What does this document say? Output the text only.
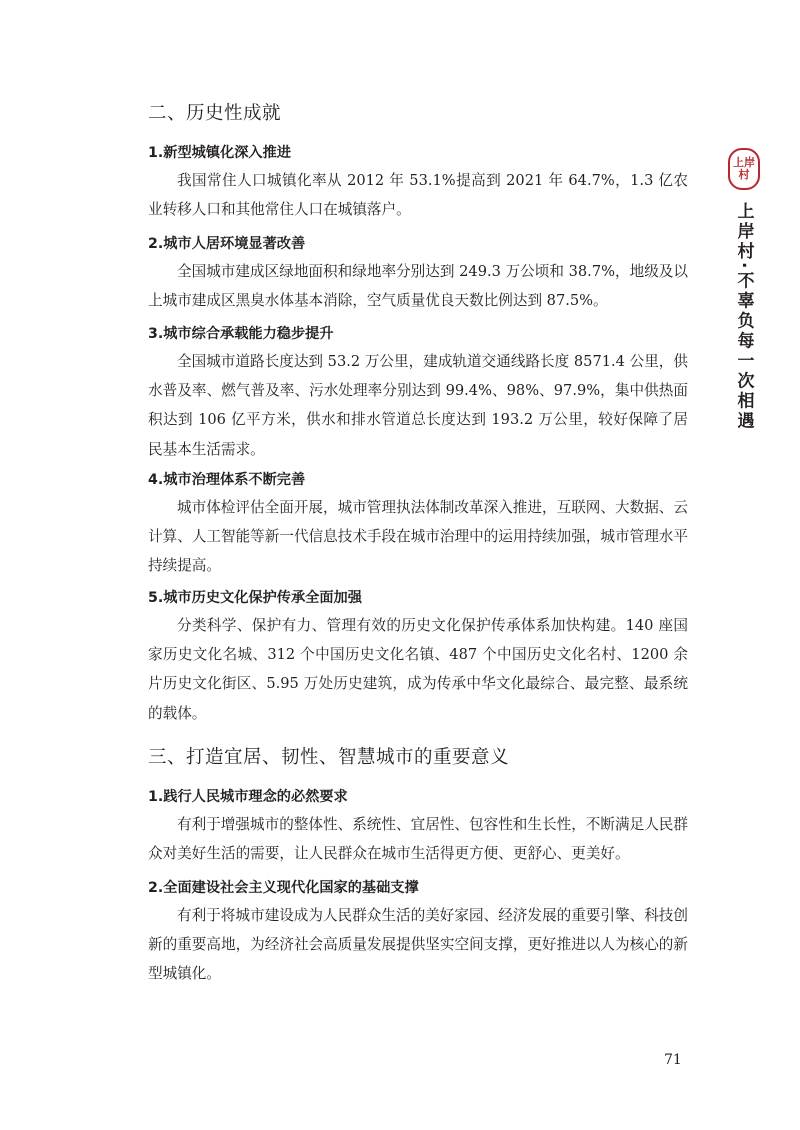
二、历史性成就
1.新型城镇化深入推进

我国常住人口城镇化率从 2012 年 53.1%提高到 2021 年 64.7%，1.3 亿农业转移人口和其他常住人口在城镇落户。

2.城市人居环境显著改善

全国城市建成区绿地面积和绿地率分别达到 249.3 万公顷和 38.7%，地级及以上城市建成区黑臭水体基本消除，空气质量优良天数比例达到 87.5%。

3.城市综合承载能力稳步提升

全国城市道路长度达到 53.2 万公里，建成轨道交通线路长度 8571.4 公里，供水普及率、燃气普及率、污水处理率分别达到 99.4%、98%、97.9%，集中供热面积达到 106 亿平方米，供水和排水管道总长度达到 193.2 万公里，较好保障了居民基本生活需求。

4.城市治理体系不断完善

城市体检评估全面开展，城市管理执法体制改革深入推进，互联网、大数据、云计算、人工智能等新一代信息技术手段在城市治理中的运用持续加强，城市管理水平持续提高。

5.城市历史文化保护传承全面加强

分类科学、保护有力、管理有效的历史文化保护传承体系加快构建。140 座国家历史文化名城、312 个中国历史文化名镇、487 个中国历史文化名村、1200 余片历史文化街区、5.95 万处历史建筑，成为传承中华文化最综合、最完整、最系统的载体。

三、打造宜居、韧性、智慧城市的重要意义
1.践行人民城市理念的必然要求

有利于增强城市的整体性、系统性、宜居性、包容性和生长性，不断满足人民群众对美好生活的需要，让人民群众在城市生活得更方便、更舒心、更美好。

2.全面建设社会主义现代化国家的基础支撑

有利于将城市建设成为人民群众生活的美好家园、经济发展的重要引擎、科技创新的重要高地，为经济社会高质量发展提供坚实空间支撑，更好推进以人为核心的新型城镇化。

上岸
村
上岸村·不辜负每一次相遇
71
